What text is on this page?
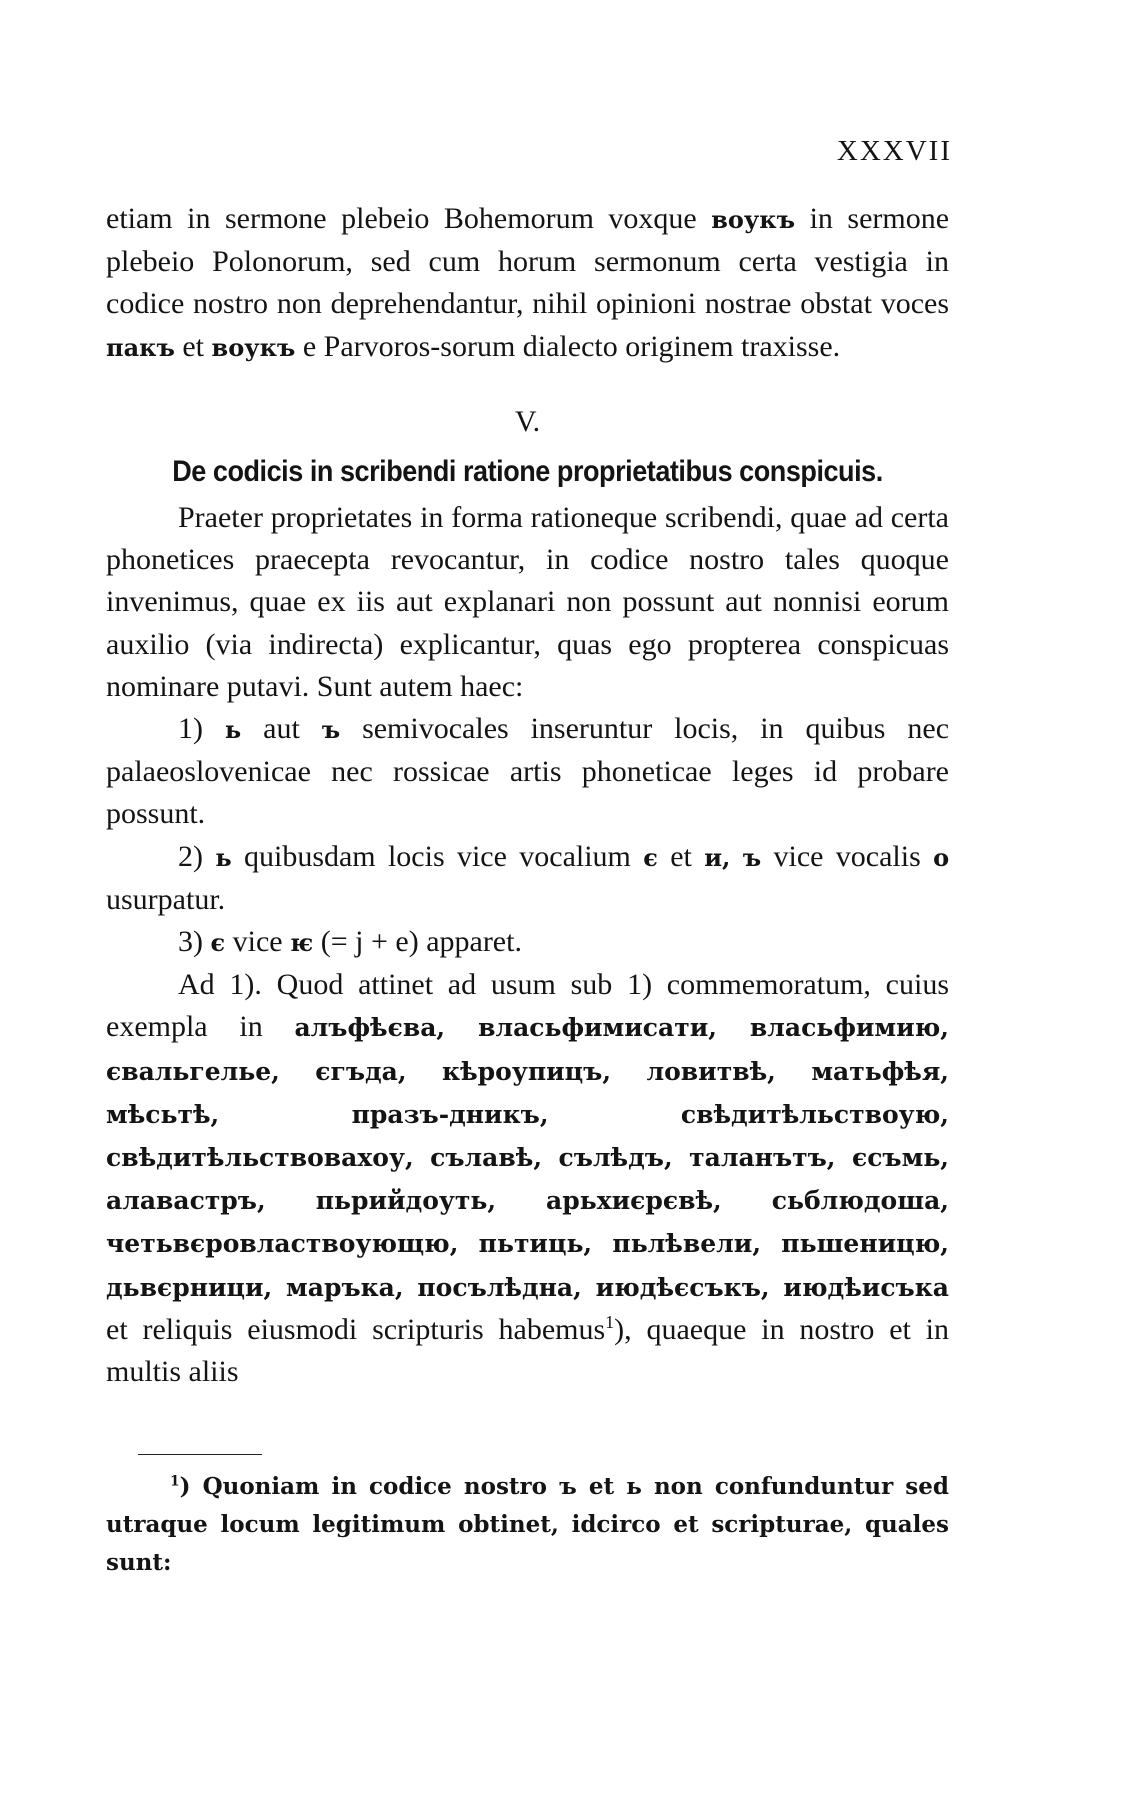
XXXVII

etiam in sermone plebeio Bohemorum voxque воукъ in sermone plebeio Polonorum, sed cum horum sermonum certa vestigia in codice nostro non deprehendantur, nihil opinioni nostrae obstat voces пакъ et воукъ e Parvoros-sorum dialecto originem traxisse.

V.

De codicis in scribendi ratione proprietatibus conspicuis.

Praeter proprietates in forma rationeque scribendi, quae ad certa phonetices praecepta revocantur, in codice nostro tales quoque invenimus, quae ex iis aut explanari non possunt aut nonnisi eorum auxilio (via indirecta) explicantur, quas ego propterea conspicuas nominare putavi. Sunt autem haec:

1) ь aut ъ semivocales inseruntur locis, in quibus nec palaeoslovenicae nec rossicae artis phoneticae leges id probare possunt.

2) ь quibusdam locis vice vocalium є et и, ъ vice vocalis о usurpatur.

3) є vice ѥ (= j + e) apparet.

Ad 1). Quod attinet ad usum sub 1) commemoratum, cuius exempla in алъфѣєва, власьфимисати, власьфимию, євальгелье, єгъда, кѣроупицъ, ловитвѣ, матьфѣя, мѣсьтѣ, празъ-дникъ, свѣдитѣльствоую, свѣдитѣльствовахоу, сълавѣ, сълѣдъ, таланътъ, єсъмь, алавастръ, пьрийдоуть, арьхиєрєвѣ, сьблюдоша, четьвєровластвоующю, пьтиць, пьлѣвели, пьшеницю, дьвєрници, маръка, посълѣдна, июдѣєсъкъ, июдѣисъка et reliquis eiusmodi scripturis habemus$^1$), quaeque in nostro et in multis aliis

$^1$) Quoniam in codice nostro ъ et ь non confunduntur sed utraque locum legitimum obtinet, idcirco et scripturae, quales sunt:
